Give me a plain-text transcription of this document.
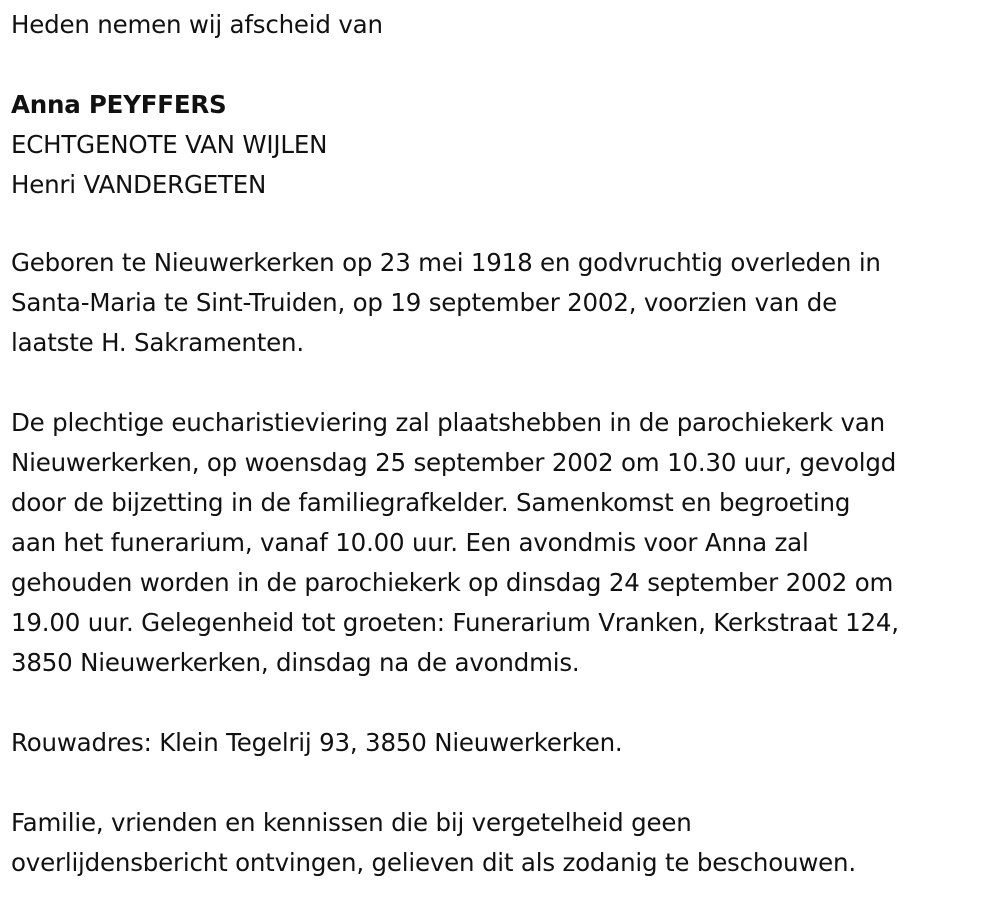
Heden nemen wij afscheid van
Anna PEYFFERS
ECHTGENOTE VAN WIJLEN
Henri VANDERGETEN
Geboren te Nieuwerkerken op 23 mei 1918 en godvruchtig overleden in
Santa-Maria te Sint-Truiden, op 19 september 2002, voorzien van de
laatste H. Sakramenten.
De plechtige eucharistieviering zal plaatshebben in de parochiekerk van
Nieuwerkerken, op woensdag 25 september 2002 om 10.30 uur, gevolgd
door de bijzetting in de familiegrafkelder. Samenkomst en begroeting
aan het funerarium, vanaf 10.00 uur. Een avondmis voor Anna zal
gehouden worden in de parochiekerk op dinsdag 24 september 2002 om
19.00 uur. Gelegenheid tot groeten: Funerarium Vranken, Kerkstraat 124,
3850 Nieuwerkerken, dinsdag na de avondmis.
Rouwadres: Klein Tegelrij 93, 3850 Nieuwerkerken.
Familie, vrienden en kennissen die bij vergetelheid geen
overlijdensbericht ontvingen, gelieven dit als zodanig te beschouwen.
